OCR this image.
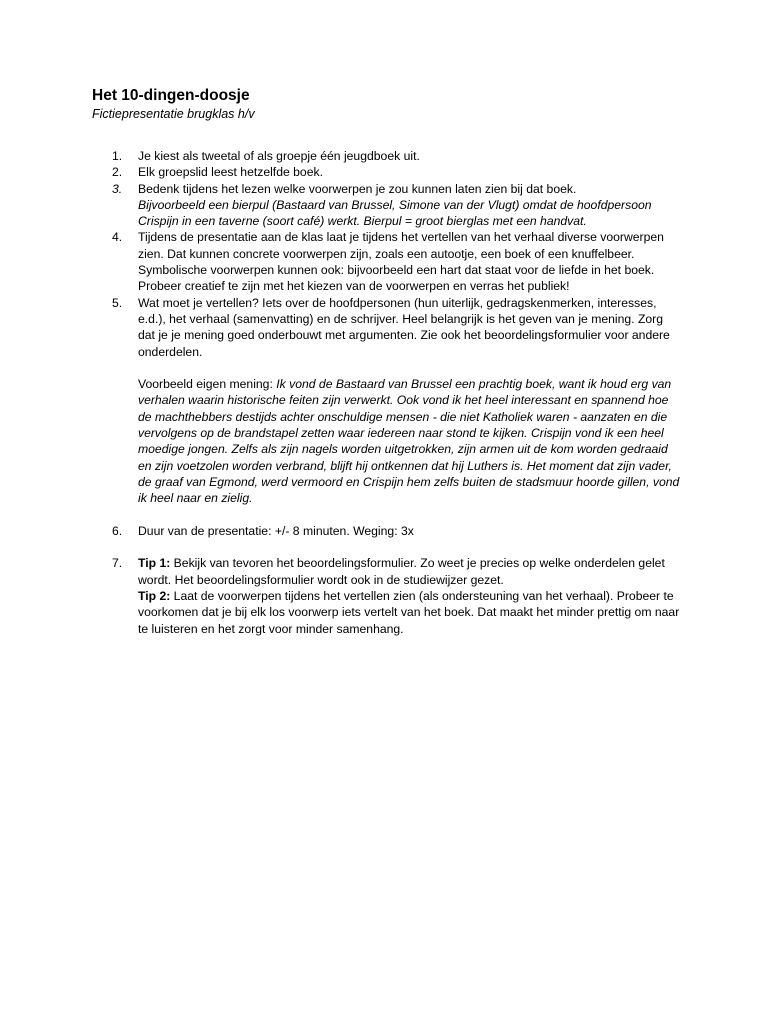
Het 10-dingen-doosje

Fictiepresentatie brugklas h/v

1. Je kiest als tweetal of als groepje één jeugdboek uit.
2. Elk groepslid leest hetzelfde boek.
3. Bedenk tijdens het lezen welke voorwerpen je zou kunnen laten zien bij dat boek.
Bijvoorbeeld een bierpul (Bastaard van Brussel, Simone van der Vlugt) omdat de hoofdpersoon Crispijn in een taverne (soort café) werkt. Bierpul = groot bierglas met een handvat.
4. Tijdens de presentatie aan de klas laat je tijdens het vertellen van het verhaal diverse voorwerpen zien. Dat kunnen concrete voorwerpen zijn, zoals een autootje, een boek of een knuffelbeer. Symbolische voorwerpen kunnen ook: bijvoorbeeld een hart dat staat voor de liefde in het boek. Probeer creatief te zijn met het kiezen van de voorwerpen en verras het publiek!
5. Wat moet je vertellen? Iets over de hoofdpersonen (hun uiterlijk, gedragskenmerken, interesses, e.d.), het verhaal (samenvatting) en de schrijver. Heel belangrijk is het geven van je mening. Zorg dat je je mening goed onderbouwt met argumenten. Zie ook het beoordelingsformulier voor andere onderdelen.
Voorbeeld eigen mening: Ik vond de Bastaard van Brussel een prachtig boek, want ik houd erg van verhalen waarin historische feiten zijn verwerkt. Ook vond ik het heel interessant en spannend hoe de machthebbers destijds achter onschuldige mensen - die niet Katholiek waren - aanzaten en die vervolgens op de brandstapel zetten waar iedereen naar stond te kijken. Crispijn vond ik een heel moedige jongen. Zelfs als zijn nagels worden uitgetrokken, zijn armen uit de kom worden gedraaid en zijn voetzolen worden verbrand, blijft hij ontkennen dat hij Luthers is. Het moment dat zijn vader, de graaf van Egmond, werd vermoord en Crispijn hem zelfs buiten de stadsmuur hoorde gillen, vond ik heel naar en zielig.
6. Duur van de presentatie: +/- 8 minuten. Weging: 3x
7. Tip 1: Bekijk van tevoren het beoordelingsformulier. Zo weet je precies op welke onderdelen gelet wordt. Het beoordelingsformulier wordt ook in de studiewijzer gezet.
Tip 2: Laat de voorwerpen tijdens het vertellen zien (als ondersteuning van het verhaal). Probeer te voorkomen dat je bij elk los voorwerp iets vertelt van het boek. Dat maakt het minder prettig om naar te luisteren en het zorgt voor minder samenhang.
